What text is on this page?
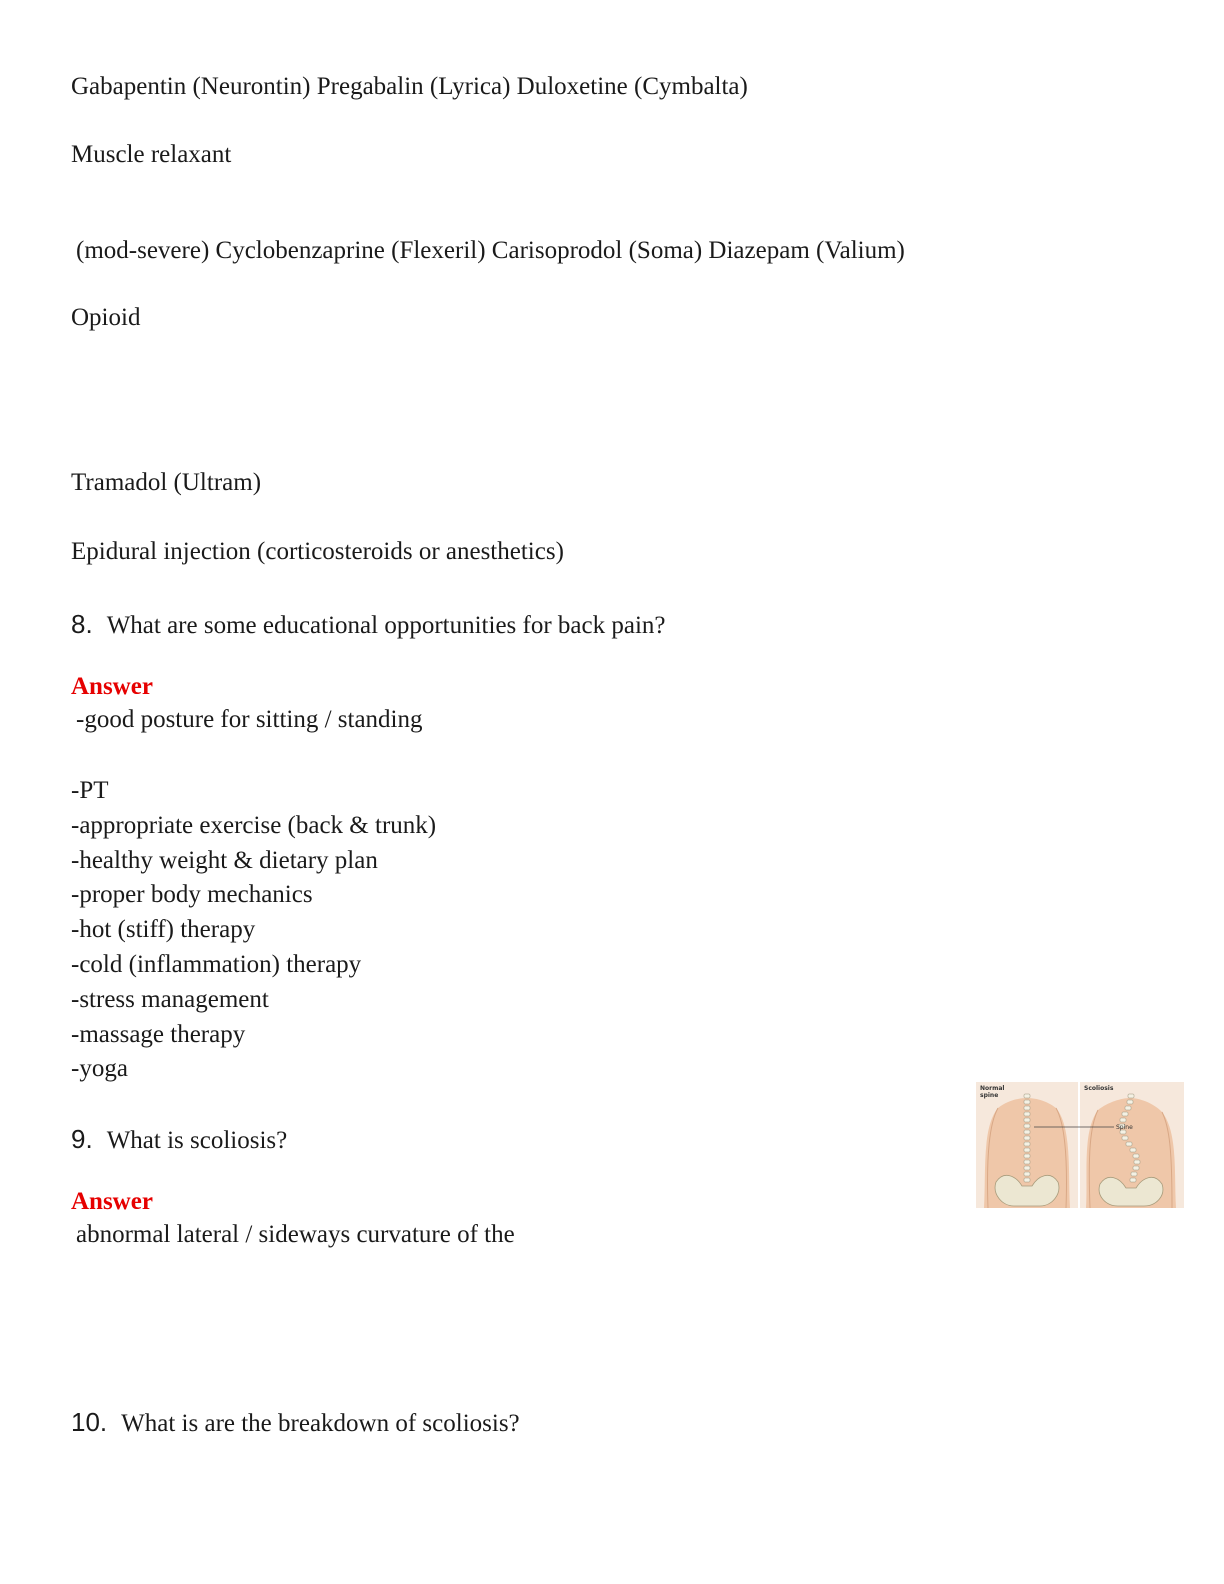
Gabapentin (Neurontin) Pregabalin (Lyrica) Duloxetine (Cymbalta)
Muscle relaxant
(mod-severe) Cyclobenzaprine (Flexeril) Carisoprodol (Soma) Diazepam (Valium)
Opioid
Tramadol (Ultram)
Epidural injection (corticosteroids or anesthetics)
8. What are some educational opportunities for back pain?
Answer
-good posture for sitting / standing
-PT
-appropriate exercise (back & trunk)
-healthy weight & dietary plan
-proper body mechanics
-hot (stiff) therapy
-cold (inflammation) therapy
-stress management
-massage therapy
-yoga
9. What is scoliosis?
Answer
abnormal lateral / sideways curvature of the
Normal
spine
Scoliosis
Spine
10. What is are the breakdown of scoliosis?
